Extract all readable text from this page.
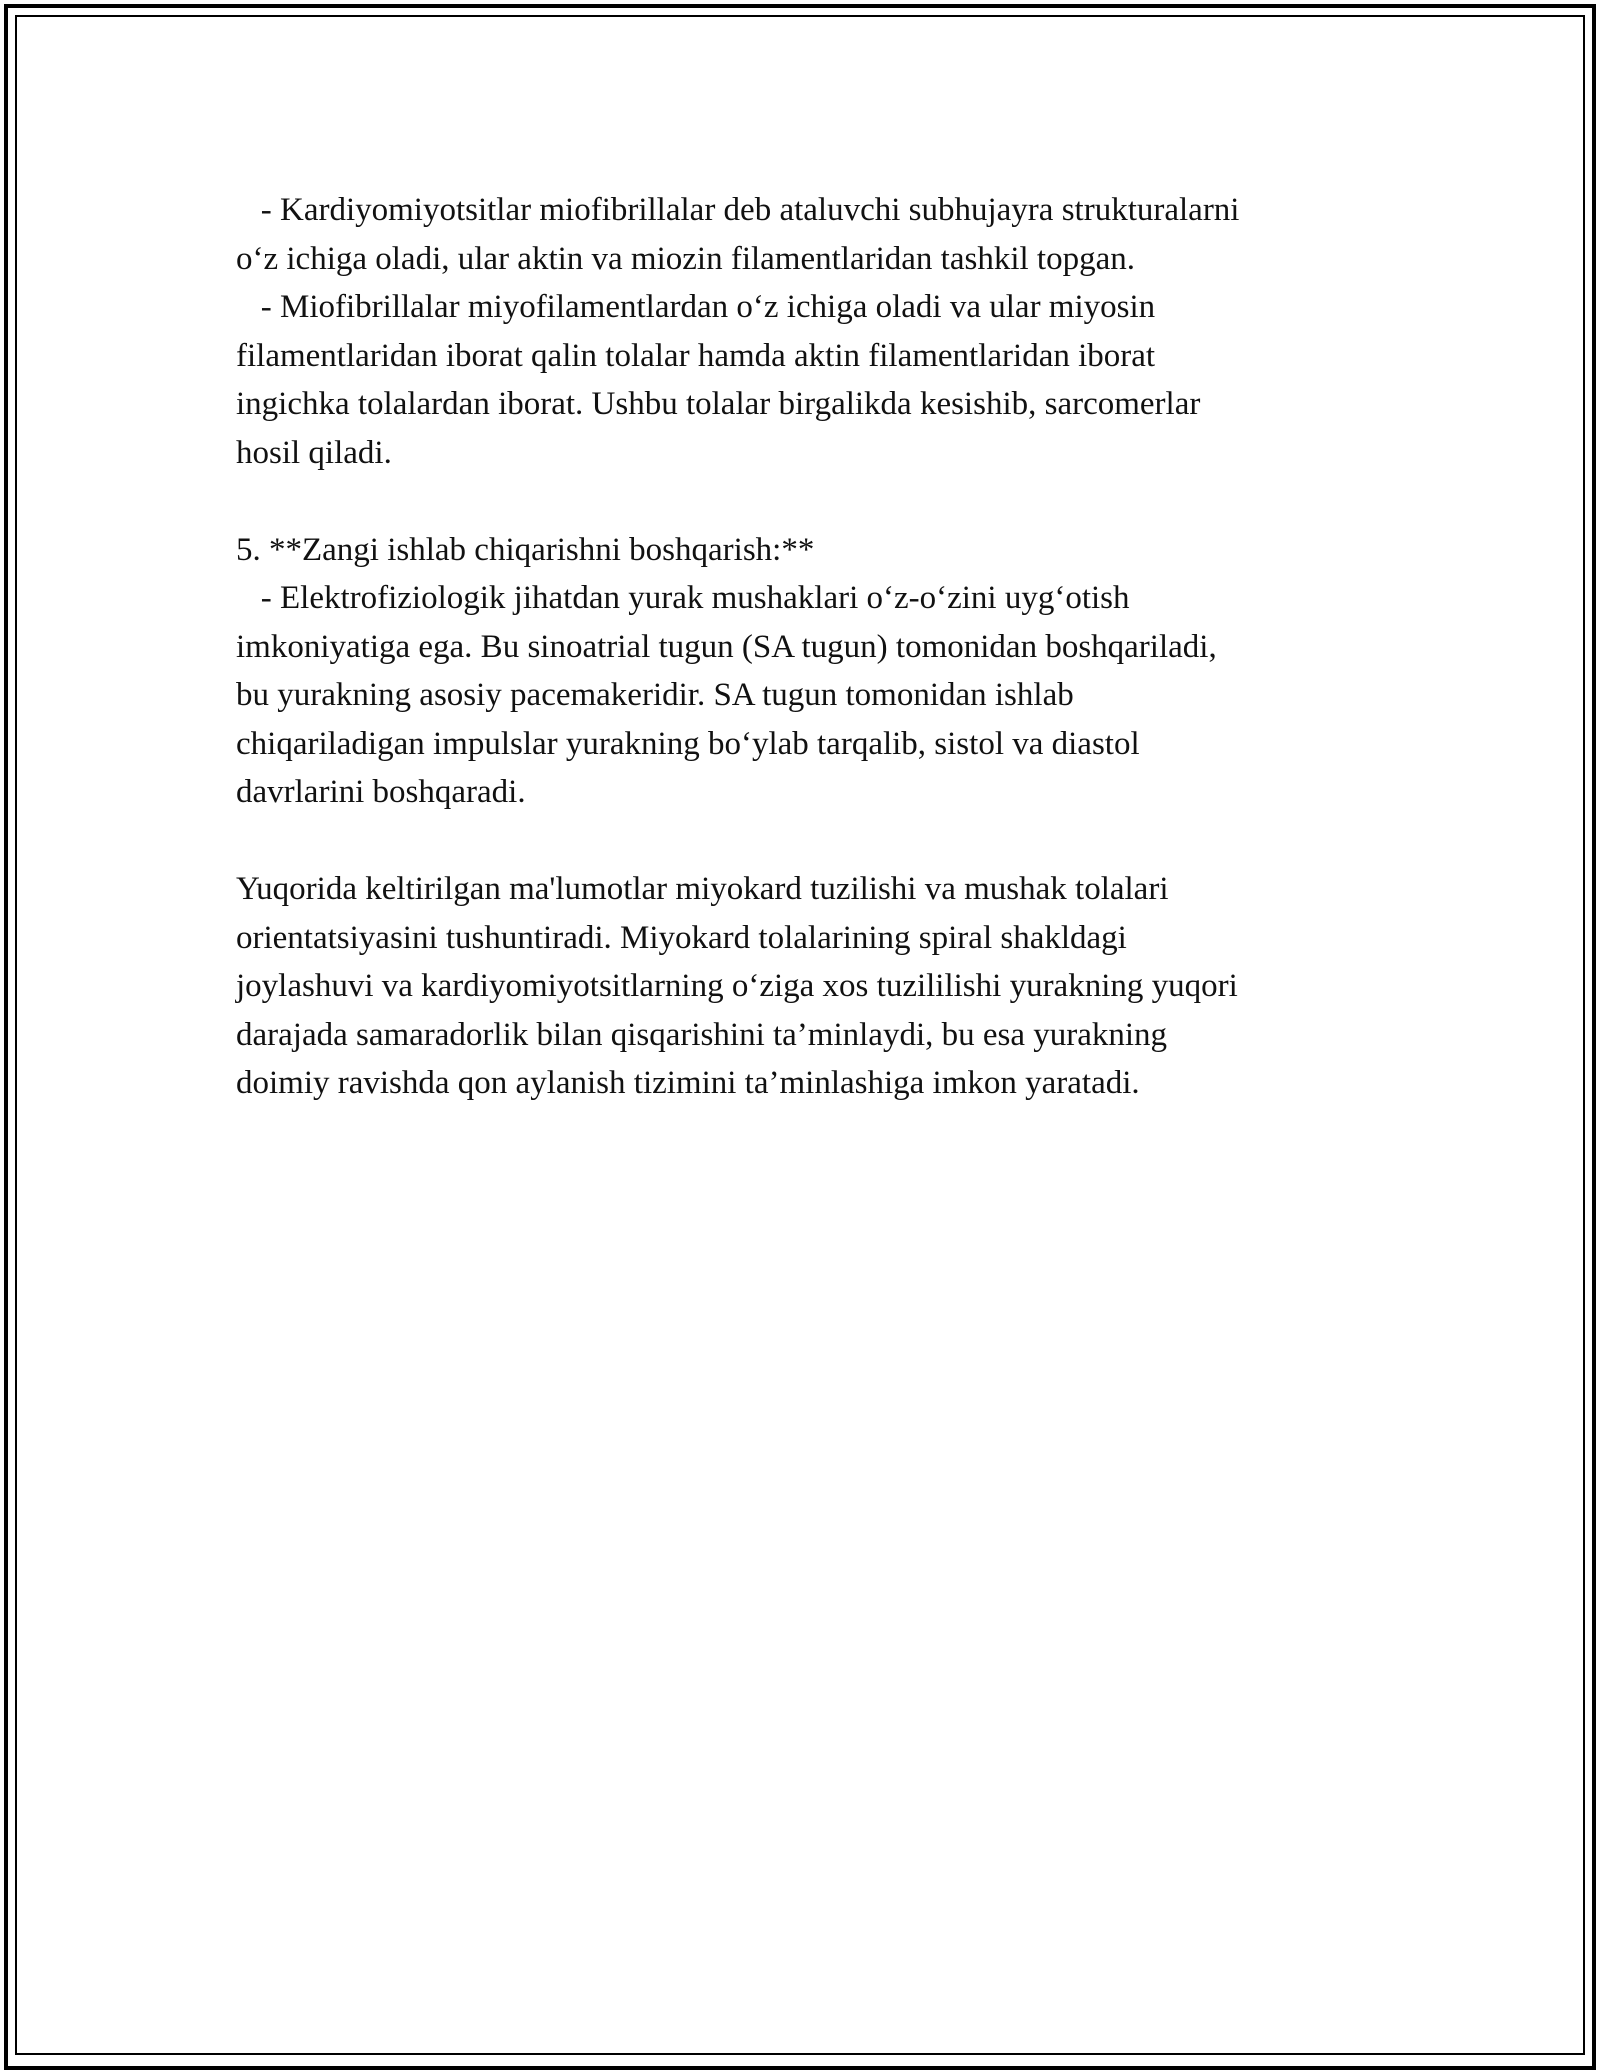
- Kardiyomiyotsitlar miofibrillalar deb ataluvchi subhujayra strukturalarni
o‘z ichiga oladi, ular aktin va miozin filamentlaridan tashkil topgan.
- Miofibrillalar miyofilamentlardan o‘z ichiga oladi va ular miyosin
filamentlaridan iborat qalin tolalar hamda aktin filamentlaridan iborat
ingichka tolalardan iborat. Ushbu tolalar birgalikda kesishib, sarcomerlar
hosil qiladi.
5. **Zangi ishlab chiqarishni boshqarish:**
- Elektrofiziologik jihatdan yurak mushaklari o‘z-o‘zini uyg‘otish
imkoniyatiga ega. Bu sinoatrial tugun (SA tugun) tomonidan boshqariladi,
bu yurakning asosiy pacemakeridir. SA tugun tomonidan ishlab
chiqariladigan impulslar yurakning bo‘ylab tarqalib, sistol va diastol
davrlarini boshqaradi.
Yuqorida keltirilgan ma'lumotlar miyokard tuzilishi va mushak tolalari
orientatsiyasini tushuntiradi. Miyokard tolalarining spiral shakldagi
joylashuvi va kardiyomiyotsitlarning o‘ziga xos tuzililishi yurakning yuqori
darajada samaradorlik bilan qisqarishini ta’minlaydi, bu esa yurakning
doimiy ravishda qon aylanish tizimini ta’minlashiga imkon yaratadi.
